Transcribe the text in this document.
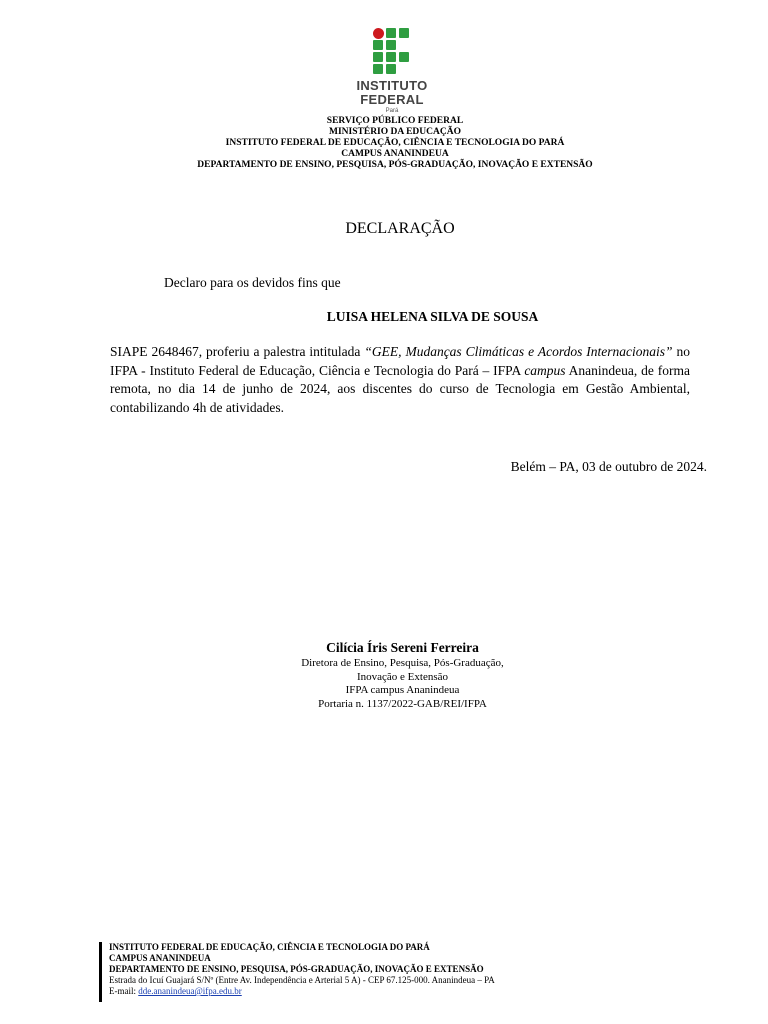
INSTITUTO
FEDERAL
Pará
SERVIÇO PÚBLICO FEDERAL
MINISTÉRIO DA EDUCAÇÃO
INSTITUTO FEDERAL DE EDUCAÇÃO, CIÊNCIA E TECNOLOGIA DO PARÁ
CAMPUS ANANINDEUA
DEPARTAMENTO DE ENSINO, PESQUISA, PÓS-GRADUAÇÃO, INOVAÇÃO E EXTENSÃO
DECLARAÇÃO
Declaro para os devidos fins que
LUISA HELENA SILVA DE SOUSA
SIAPE 2648467, proferiu a palestra intitulada “GEE, Mudanças Climáticas e Acordos Internacionais” no IFPA - Instituto Federal de Educação, Ciência e Tecnologia do Pará – IFPA campus Ananindeua, de forma remota, no dia 14 de junho de 2024, aos discentes do curso de Tecnologia em Gestão Ambiental, contabilizando 4h de atividades.
Belém – PA, 03 de outubro de 2024.
Cilícia Íris Sereni Ferreira
Diretora de Ensino, Pesquisa, Pós-Graduação,
Inovação e Extensão
IFPA campus Ananindeua
Portaria n. 1137/2022-GAB/REI/IFPA
INSTITUTO FEDERAL DE EDUCAÇÃO, CIÊNCIA E TECNOLOGIA DO PARÁ
CAMPUS ANANINDEUA
DEPARTAMENTO DE ENSINO, PESQUISA, PÓS-GRADUAÇÃO, INOVAÇÃO E EXTENSÃO
Estrada do Icuí Guajará S/Nº (Entre Av. Independência e Arterial 5 A) - CEP 67.125-000. Ananindeua – PA
E-mail: dde.ananindeua@ifpa.edu.br
